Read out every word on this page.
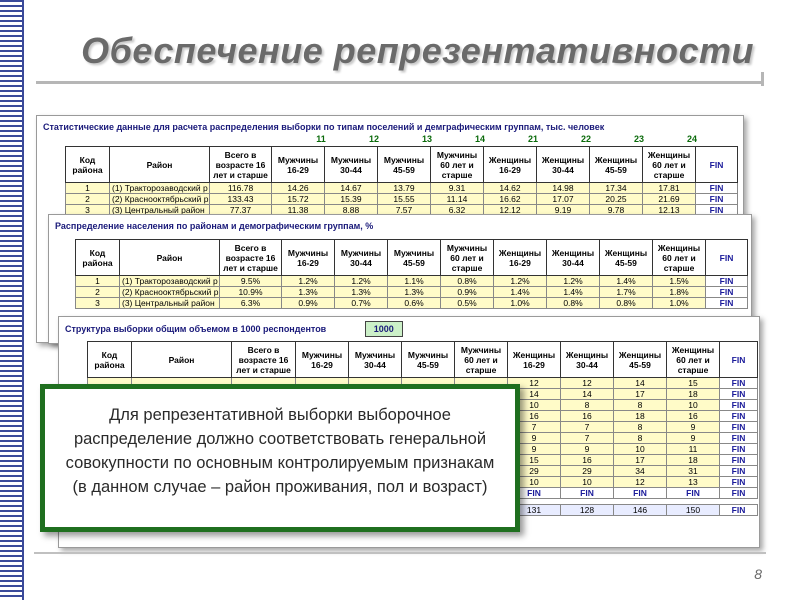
Обеспечение репрезентативности
Статистические данные для расчета распределения выборки по типам поселений и демграфическим группам, тыс. человек
11	12	13	14	21	22	23	24
Код района	Район	Всего в возрасте 16 лет и старше	Мужчины 16-29	Мужчины 30-44	Мужчины 45-59	Мужчины 60 лет и старше	Женщины 16-29	Женщины 30-44	Женщины 45-59	Женщины 60 лет и старше	FIN
1	(1) Тракторозаводский р	116.78	14.26	14.67	13.79	9.31	14.62	14.98	17.34	17.81	FIN
2	(2) Краснооктябрьский р	133.43	15.72	15.39	15.55	11.14	16.62	17.07	20.25	21.69	FIN
3	(3) Центральный район	77.37	11.38	8.88	7.57	6.32	12.12	9.19	9.78	12.13	FIN
Распределение населения по районам и демографическим группам, %
Код района	Район	Всего в возрасте 16 лет и старше	Мужчины 16-29	Мужчины 30-44	Мужчины 45-59	Мужчины 60 лет и старше	Женщины 16-29	Женщины 30-44	Женщины 45-59	Женщины 60 лет и старше	FIN
1	(1) Тракторозаводский р	9.5%	1.2%	1.2%	1.1%	0.8%	1.2%	1.2%	1.4%	1.5%	FIN
2	(2) Краснооктябрьский р	10.9%	1.3%	1.3%	1.3%	0.9%	1.4%	1.4%	1.7%	1.8%	FIN
3	(3) Центральный район	6.3%	0.9%	0.7%	0.6%	0.5%	1.0%	0.8%	0.8%	1.0%	FIN
Структура выборки общим объемом в 1000 респондентов	1000
Код района	Район	Всего в возрасте 16 лет и старше	Мужчины 16-29	Мужчины 30-44	Мужчины 45-59	Мужчины 60 лет и старше	Женщины 16-29	Женщины 30-44	Женщины 45-59	Женщины 60 лет и старше	FIN
							12	12	14	15	FIN
							14	14	17	18	FIN
							10	8	8	10	FIN
							16	16	18	16	FIN
							7	7	8	9	FIN
							9	7	8	9	FIN
							9	9	10	11	FIN
							15	16	17	18	FIN
							29	29	34	31	FIN
							10	10	12	13	FIN
							FIN	FIN	FIN	FIN	FIN

						131	128	146	150	FIN
Для репрезентативной выборки выборочное распределение должно соответствовать генеральной совокупности по основным контролируемым признакам (в данном случае – район проживания, пол и возраст)
8
